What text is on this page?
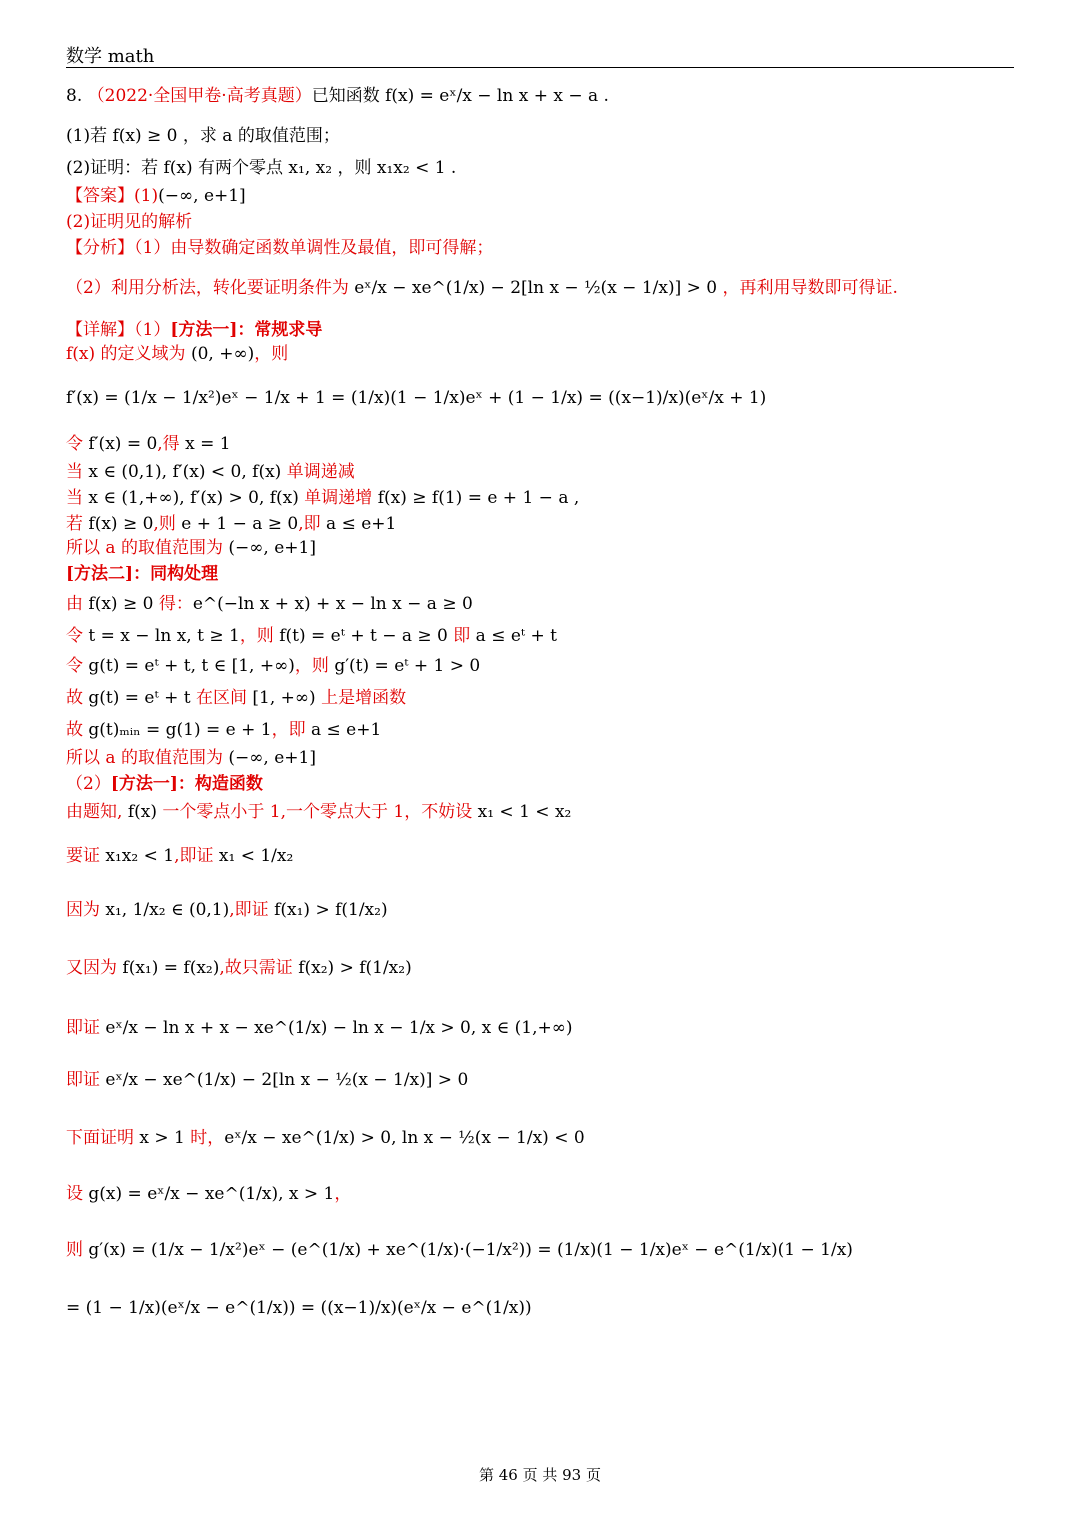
数学 math
8. （2022·全国甲卷·高考真题）已知函数 f(x) = eˣ/x − ln x + x − a .
(1)若 f(x) ≥ 0 ，求 a 的取值范围；
(2)证明：若 f(x) 有两个零点 x₁, x₂ ，则 x₁x₂ < 1 .
【答案】(1)(−∞, e+1]
(2)证明见的解析
【分析】（1）由导数确定函数单调性及最值，即可得解；
（2）利用分析法，转化要证明条件为 eˣ/x − xe^(1/x) − 2[ln x − ½(x − 1/x)] > 0 ，再利用导数即可得证.
【详解】（1）[方法一]：常规求导
f(x) 的定义域为 (0, +∞)，则
f′(x) = (1/x − 1/x²)eˣ − 1/x + 1 = (1/x)(1 − 1/x)eˣ + (1 − 1/x) = ((x−1)/x)(eˣ/x + 1)
令 f′(x) = 0,得 x = 1
当 x ∈ (0,1), f′(x) < 0, f(x) 单调递减
当 x ∈ (1,+∞), f′(x) > 0, f(x) 单调递增 f(x) ≥ f(1) = e + 1 − a ,
若 f(x) ≥ 0,则 e + 1 − a ≥ 0,即 a ≤ e+1
所以 a 的取值范围为 (−∞, e+1]
[方法二]：同构处理
由 f(x) ≥ 0 得：e^(−ln x + x) + x − ln x − a ≥ 0
令 t = x − ln x, t ≥ 1，则 f(t) = eᵗ + t − a ≥ 0 即 a ≤ eᵗ + t
令 g(t) = eᵗ + t, t ∈ [1, +∞)，则 g′(t) = eᵗ + 1 > 0
故 g(t) = eᵗ + t 在区间 [1, +∞) 上是增函数
故 g(t)ₘᵢₙ = g(1) = e + 1，即 a ≤ e+1
所以 a 的取值范围为 (−∞, e+1]
（2）[方法一]：构造函数
由题知, f(x) 一个零点小于 1,一个零点大于 1，不妨设 x₁ < 1 < x₂
要证 x₁x₂ < 1,即证 x₁ < 1/x₂
因为 x₁, 1/x₂ ∈ (0,1),即证 f(x₁) > f(1/x₂)
又因为 f(x₁) = f(x₂),故只需证 f(x₂) > f(1/x₂)
即证 eˣ/x − ln x + x − xe^(1/x) − ln x − 1/x > 0, x ∈ (1,+∞)
即证 eˣ/x − xe^(1/x) − 2[ln x − ½(x − 1/x)] > 0
下面证明 x > 1 时，eˣ/x − xe^(1/x) > 0, ln x − ½(x − 1/x) < 0
设 g(x) = eˣ/x − xe^(1/x), x > 1，
则 g′(x) = (1/x − 1/x²)eˣ − (e^(1/x) + xe^(1/x)·(−1/x²)) = (1/x)(1 − 1/x)eˣ − e^(1/x)(1 − 1/x)
= (1 − 1/x)(eˣ/x − e^(1/x)) = ((x−1)/x)(eˣ/x − e^(1/x))
第 46 页 共 93 页
